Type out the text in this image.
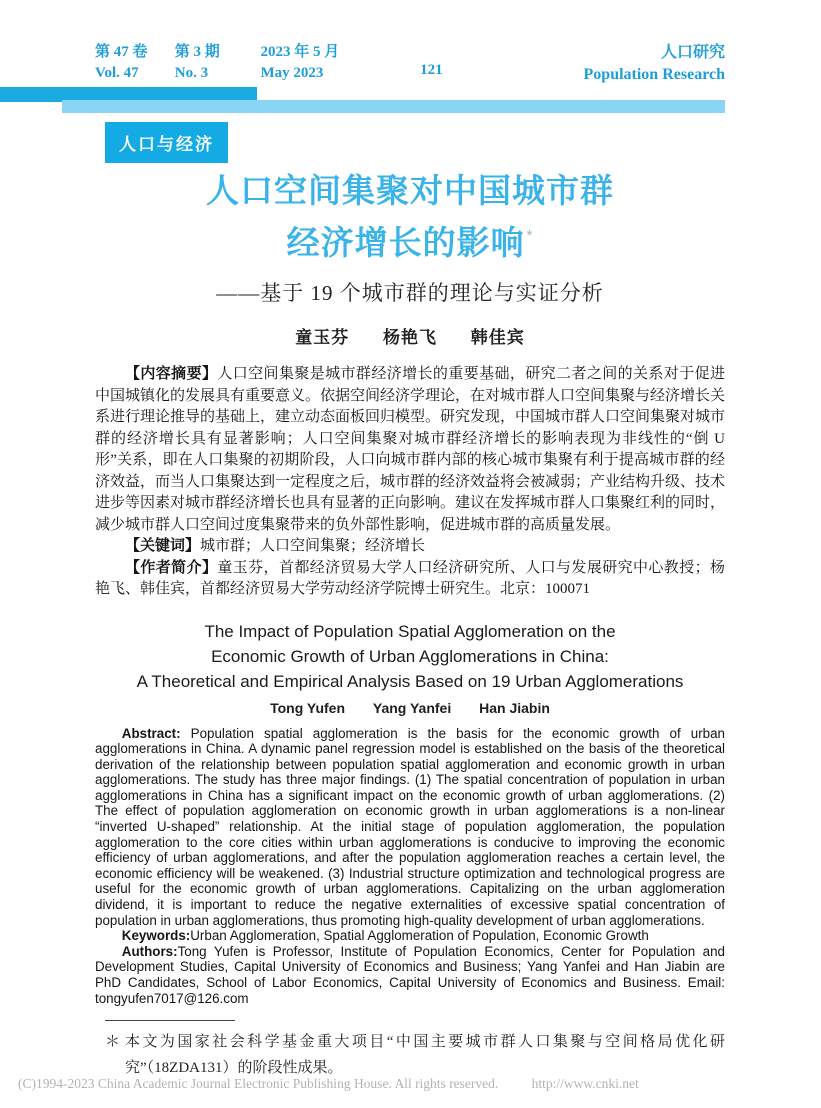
第 47 卷 第 3 期	2023 年 5 月
Vol. 47 No. 3	May 2023	121
人口研究
Population Research
人口与经济
人口空间集聚对中国城市群
经济增长的影响 *
——基于 19 个城市群的理论与实证分析
童玉芬 杨艳飞 韩佳宾

【内容摘要】人口空间集聚是城市群经济增长的重要基础，研究二者之间的关系对于促进中国城镇化的发展具有重要意义。依据空间经济学理论，在对城市群人口空间集聚与经济增长关系进行理论推导的基础上，建立动态面板回归模型。研究发现，中国城市群人口空间集聚对城市群的经济增长具有显著影响；人口空间集聚对城市群经济增长的影响表现为非线性的“倒 U 形”关系，即在人口集聚的初期阶段，人口向城市群内部的核心城市集聚有利于提高城市群的经济效益，而当人口集聚达到一定程度之后，城市群的经济效益将会被减弱；产业结构升级、技术进步等因素对城市群经济增长也具有显著的正向影响。建议在发挥城市群人口集聚红利的同时，减少城市群人口空间过度集聚带来的负外部性影响，促进城市群的高质量发展。

【关键词】城市群；人口空间集聚；经济增长

【作者简介】童玉芬，首都经济贸易大学人口经济研究所、人口与发展研究中心教授；杨艳飞、韩佳宾，首都经济贸易大学劳动经济学院博士研究生。北京：100071

The Impact of Population Spatial Agglomeration on the
Economic Growth of Urban Agglomerations in China:
A Theoretical and Empirical Analysis Based on 19 Urban Agglomerations
Tong Yufen Yang Yanfei Han Jiabin

Abstract: Population spatial agglomeration is the basis for the economic growth of urban agglomerations in China. A dynamic panel regression model is established on the basis of the theoretical derivation of the relationship between population spatial agglomeration and economic growth in urban agglomerations. The study has three major findings. (1) The spatial concentration of population in urban agglomerations in China has a significant impact on the economic growth of urban agglomerations. (2) The effect of population agglomeration on economic growth in urban agglomerations is a non-linear “inverted U-shaped” relationship. At the initial stage of population agglomeration, the population agglomeration to the core cities within urban agglomerations is conducive to improving the economic efficiency of urban agglomerations, and after the population agglomeration reaches a certain level, the economic efficiency will be weakened. (3) Industrial structure optimization and technological progress are useful for the economic growth of urban agglomerations. Capitalizing on the urban agglomeration dividend, it is important to reduce the negative externalities of excessive spatial concentration of population in urban agglomerations, thus promoting high-quality development of urban agglomerations.

Keywords:Urban Agglomeration, Spatial Agglomeration of Population, Economic Growth

Authors:Tong Yufen is Professor, Institute of Population Economics, Center for Population and Development Studies, Capital University of Economics and Business; Yang Yanfei and Han Jiabin are PhD Candidates, School of Labor Economics, Capital University of Economics and Business. Email: tongyufen7017@126.com

＊ 本文为国家社会科学基金重大项目“中国主要城市群人口集聚与空间格局优化研究”（18ZDA131）的阶段性成果。
(C)1994-2023 China Academic Journal Electronic Publishing House. All rights reserved. http://www.cnki.net
